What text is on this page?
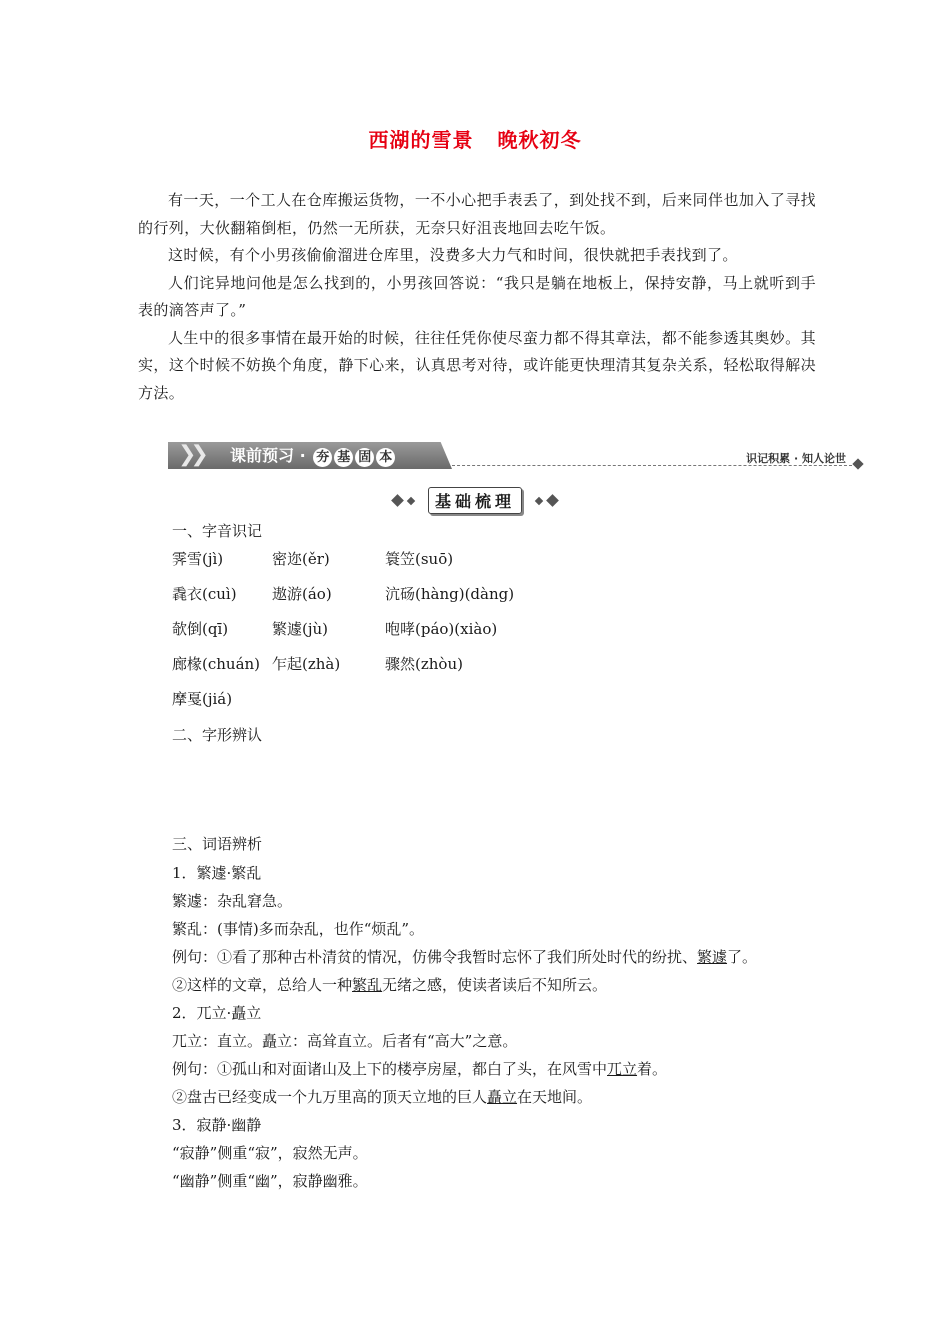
西湖的雪景 晚秋初冬

有一天，一个工人在仓库搬运货物，一不小心把手表丢了，到处找不到，后来同伴也加入了寻找的行列，大伙翻箱倒柜，仍然一无所获，无奈只好沮丧地回去吃午饭。

这时候，有个小男孩偷偷溜进仓库里，没费多大力气和时间，很快就把手表找到了。

人们诧异地问他是怎么找到的，小男孩回答说：“我只是躺在地板上，保持安静，马上就听到手表的滴答声了。”

人生中的很多事情在最开始的时候，往往任凭你使尽蛮力都不得其章法，都不能参透其奥妙。其实，这个时候不妨换个角度，静下心来，认真思考对待，或许能更快理清其复杂关系，轻松取得解决方法。

❯❯ 课前预习 · 夯 基 固 本	识记积累 · 知人论世
基础梳理

一、字音识记

霁雪(jì)	密迩(ěr)	簑笠(suō)
毳衣(cuì) 遨游(áo)	沆砀(hàng)(dàng)
欹倒(qī)	繁遽(jù)	咆哮(páo)(xiào)
廊椽(chuán) 乍起(zhà)	骤然(zhòu)
摩戛(jiá)

二、字形辨认

三、词语辨析

1．繁遽·繁乱

繁遽：杂乱窘急。

繁乱：(事情)多而杂乱，也作“烦乱”。

例句：①看了那种古朴清贫的情况，仿佛令我暂时忘怀了我们所处时代的纷扰、繁遽了。

②这样的文章，总给人一种繁乱无绪之感，使读者读后不知所云。

2．兀立·矗立

兀立：直立。矗立：高耸直立。后者有“高大”之意。

例句：①孤山和对面诸山及上下的楼亭房屋，都白了头，在风雪中兀立着。

②盘古已经变成一个九万里高的顶天立地的巨人矗立在天地间。

3．寂静·幽静

“寂静”侧重“寂”，寂然无声。

“幽静”侧重“幽”，寂静幽雅。
